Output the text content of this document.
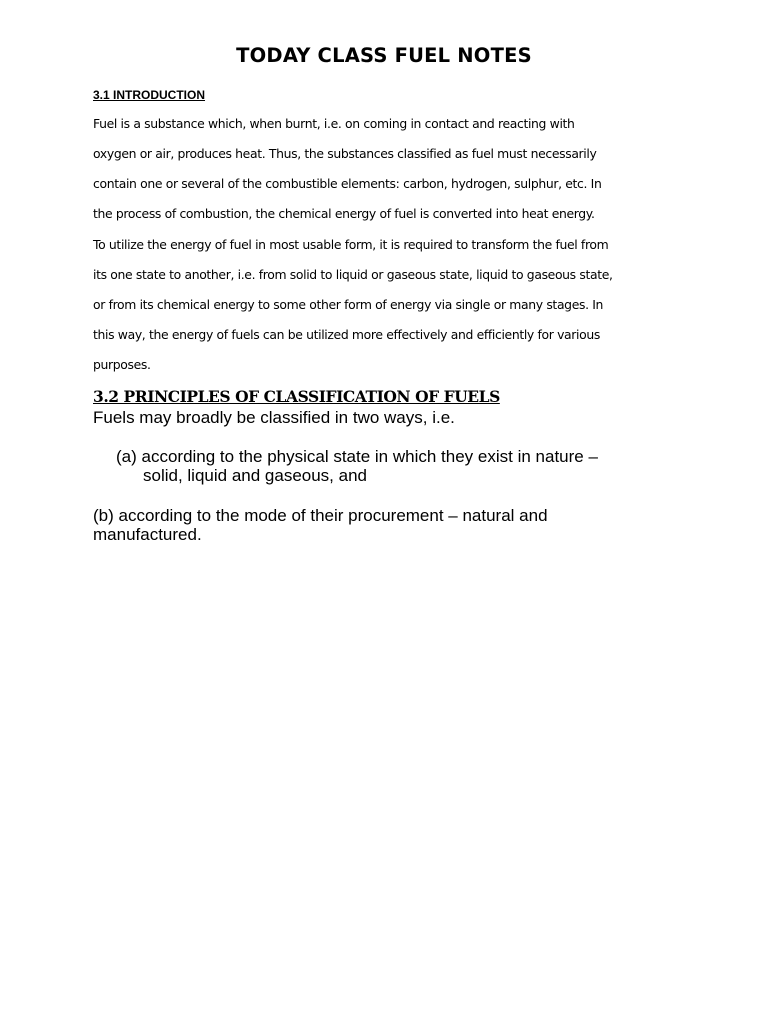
TODAY CLASS FUEL NOTES
3.1 INTRODUCTION

Fuel is a substance which, when burnt, i.e. on coming in contact and reacting with

oxygen or air, produces heat. Thus, the substances classified as fuel must necessarily

contain one or several of the combustible elements: carbon, hydrogen, sulphur, etc. In

the process of combustion, the chemical energy of fuel is converted into heat energy.

To utilize the energy of fuel in most usable form, it is required to transform the fuel from

its one state to another, i.e. from solid to liquid or gaseous state, liquid to gaseous state,

or from its chemical energy to some other form of energy via single or many stages. In

this way, the energy of fuels can be utilized more effectively and efficiently for various

purposes.

3.2 PRINCIPLES OF CLASSIFICATION OF FUELS

Fuels may broadly be classified in two ways, i.e.

(a) according to the physical state in which they exist in nature –

solid, liquid and gaseous, and

(b) according to the mode of their procurement – natural and

manufactured.
